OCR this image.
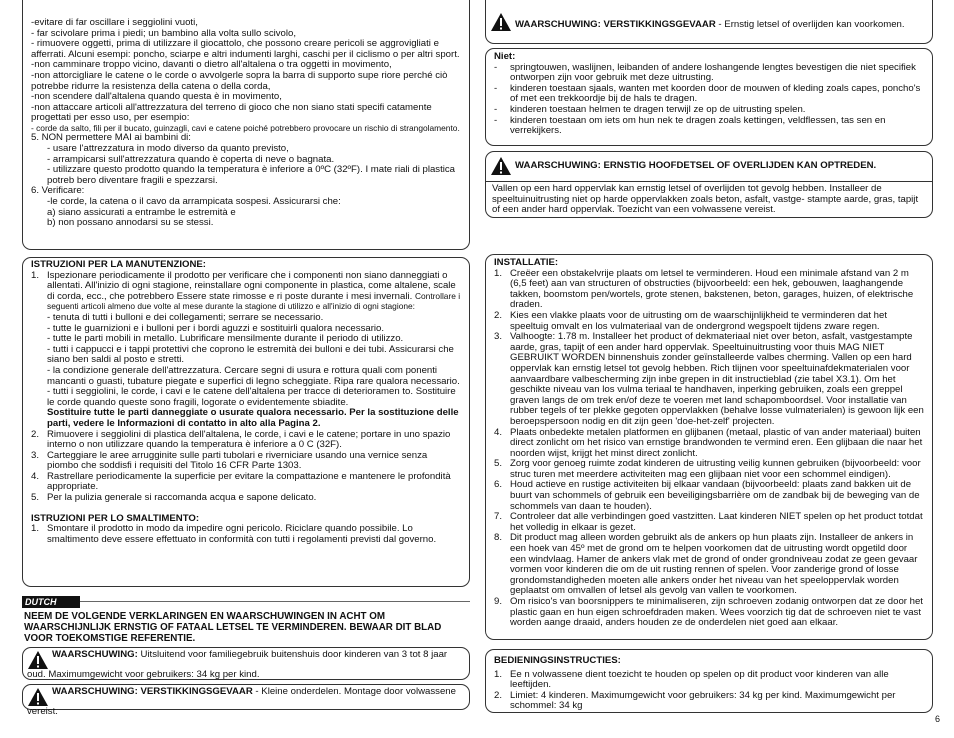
-evitare di far oscillare i seggiolini vuoti,

- far scivolare prima i piedi; un bambino alla volta sullo scivolo,

- rimuovere oggetti, prima di utilizzare il giocattolo, che possono creare pericoli se aggrovigliati e afferrati. Alcuni esempi: poncho, sciarpe e altri indumenti larghi, caschi per il ciclismo o per altri sport.

-non camminare troppo vicino, davanti o dietro all'altalena o tra oggetti in movimento,

-non attorcigliare le catene o le corde o avvolgerle sopra la barra di supporto supe riore perché ciò potrebbe ridurre la resistenza della catena o della corda,

-non scendere dall'altalena quando questa è in movimento,

-non attaccare articoli all'attrezzatura del terreno di gioco che non siano stati specifi catamente progettati per esso uso, per esempio:

- corde da salto, fili per il bucato, guinzagli, cavi e catene poiché potrebbero provocare un rischio di strangolamento.

5. NON permettere MAI ai bambini di:

- usare l'attrezzatura in modo diverso da quanto previsto,

- arrampicarsi sull'attrezzatura quando è coperta di neve o bagnata.

- utilizzare questo prodotto quando la temperatura è inferiore a 0ºC (32ºF). I mate riali di plastica potreb bero diventare fragili e spezzarsi.

6. Verificare:

-le corde, la catena o il cavo da arrampicata sospesi. Assicurarsi che:

a) siano assicurati a entrambe le estremità e

b) non possano annodarsi su se stessi.

ISTRUZIONI PER LA MANUTENZIONE:

1. Ispezionare periodicamente il prodotto per verificare che i componenti non siano danneggiati o allentati. All'inizio di ogni stagione, reinstallare ogni componente in plastica, come altalene, scale di corda, ecc., che potrebbero Essere state rimosse e ri poste durante i mesi invernali. Controllare i seguenti articoli almeno due volte al mese durante la stagione di utilizzo e all'inizio di ogni stagione:
- tenuta di tutti i bulloni e dei collegamenti; serrare se necessario.
- tutte le guarnizioni e i bulloni per i bordi aguzzi e sostituirli qualora necessario.
- tutte le parti mobili in metallo. Lubrificare mensilmente durante il periodo di utilizzo.
- tutti i cappucci e i tappi protettivi che coprono le estremità dei bulloni e dei tubi. Assicurarsi che siano ben saldi al posto e stretti.
- la condizione generale dell'attrezzatura. Cercare segni di usura e rottura quali com ponenti mancanti o guasti, tubature piegate e superfici di legno scheggiate. Ripa rare qualora necessario.
- tutti i seggiolini, le corde, i cavi e le catene dell'altalena per tracce di deterioramen to. Sostituire le corde quando queste sono fragili, logorate o evidentemente sbiadite.
Sostituire tutte le parti danneggiate o usurate qualora necessario. Per la sostituzione delle parti, vedere le Informazioni di contatto in alto alla Pagina 2.
2. Rimuovere i seggiolini di plastica dell'altalena, le corde, i cavi e le catene; portare in uno spazio interno o non utilizzare quando la temperatura è inferiore a 0 C (32F).
3. Carteggiare le aree arrugginite sulle parti tubolari e riverniciare usando una vernice senza piombo che soddisfi i requisiti del Titolo 16 CFR Parte 1303.
4. Rastrellare periodicamente la superficie per evitare la compattazione e mantenere le profondità appropriate.
5. Per la pulizia generale si raccomanda acqua e sapone delicato.

ISTRUZIONI PER LO SMALTIMENTO:

1. Smontare il prodotto in modo da impedire ogni pericolo. Riciclare quando possibile. Lo smaltimento deve essere effettuato in conformità con tutti i regolamenti previsti dal governo.
DUTCH
NEEM DE VOLGENDE VERKLARINGEN EN WAARSCHUWINGEN IN ACHT OM WAARSCHIJNLIJK ERNSTIG OF FATAAL LETSEL TE VERMINDEREN. BEWAAR DIT BLAD VOOR TOEKOMSTIGE REFERENTIE.
WAARSCHUWING: Uitsluitend voor familiegebruik buitenshuis door kinderen van 3 tot 8 jaar oud. Maximumgewicht voor gebruikers: 34 kg per kind.
WAARSCHUWING: VERSTIKKINGSGEVAAR - Kleine onderdelen. Montage door volwassene vereist.
WAARSCHUWING: VERSTIKKINGSGEVAAR - Ernstig letsel of overlijden kan voorkomen.

Niet:

- springtouwen, waslijnen, leibanden of andere loshangende lengtes bevestigen die niet specifiek ontworpen zijn voor gebruik met deze uitrusting.
- kinderen toestaan sjaals, wanten met koorden door de mouwen of kleding zoals capes, poncho's of met een trekkoordje bij de hals te dragen.
- kinderen toestaan helmen te dragen terwijl ze op de uitrusting spelen.
- kinderen toestaan om iets om hun nek te dragen zoals kettingen, veldflessen, tas sen en verrekijkers.
WAARSCHUWING: ERNSTIG HOOFDETSEL OF OVERLIJDEN KAN OPTREDEN.
Vallen op een hard oppervlak kan ernstig letsel of overlijden tot gevolg hebben. Installeer de speeltuinuitrusting niet op harde oppervlakken zoals beton, asfalt, vastge- stampte aarde, gras, tapijt of een ander hard oppervlak. Toezicht van een volwassene vereist.

INSTALLATIE:

1. Creëer een obstakelvrije plaats om letsel te verminderen. Houd een minimale afstand van 2 m (6,5 feet) aan van structuren of obstructies (bijvoorbeeld: een hek, gebouwen, laaghangende takken, boomstom pen/wortels, grote stenen, bakstenen, beton, garages, huizen, of elektrische draden.
2. Kies een vlakke plaats voor de uitrusting om de waarschijnlijkheid te verminderen dat het speeltuig omvalt en los vulmateriaal van de ondergrond wegspoelt tijdens zware regen.
3. Valhoogte: 1.78 m. Installeer het product of dekmateriaal niet over beton, asfalt, vastgestampte aarde, gras, tapijt of een ander hard oppervlak. Speeltuinuitrusting voor thuis MAG NIET GEBRUIKT WORDEN binnenshuis zonder geïnstalleerde valbes cherming. Vallen op een hard oppervlak kan ernstig letsel tot gevolg hebben. Rich tlijnen voor speeltuinafdekmaterialen voor aanvaardbare valbescherming zijn inbe grepen in dit instructieblad (zie tabel X3.1). Om het geschikte niveau van los vulma teriaal te handhaven, inperking gebruiken, zoals een greppel graven langs de om trek en/of deze te voeren met land schapomboordsel. Voor installatie van rubber tegels of ter plekke gegoten oppervlakken (behalve losse vulmaterialen) is gewoon lijk een beroepspersoon nodig en dit zijn geen 'doe-het-zelf' projecten.
4. Plaats onbedekte metalen platformen en glijbanen (metaal, plastic of van ander materiaal) buiten direct zonlicht om het risico van ernstige brandwonden te vermind eren. Een glijbaan die naar het noorden wijst, krijgt het minst direct zonlicht.
5. Zorg voor genoeg ruimte zodat kinderen de uitrusting veilig kunnen gebruiken (bijvoorbeeld: voor struc turen met meerdere activiteiten mag een glijbaan niet voor een schommel eindigen).
6. Houd actieve en rustige activiteiten bij elkaar vandaan (bijvoorbeeld: plaats zand bakken uit de buurt van schommels of gebruik een beveiligingsbarrière om de zandbak bij de beweging van de schommels van daan te houden).
7. Controleer dat alle verbindingen goed vastzitten. Laat kinderen NIET spelen op het product totdat het volledig in elkaar is gezet.
8. Dit product mag alleen worden gebruikt als de ankers op hun plaats zijn. Installeer de ankers in een hoek van 45º met de grond om te helpen voorkomen dat de uitrusting wordt opgetild door een windvlaag. Hamer de ankers vlak met de grond of onder grondniveau zodat ze geen gevaar vormen voor kinderen die om de uit rusting rennen of spelen. Voor zanderige grond of losse grondomstandigheden moeten alle ankers onder het niveau van het speeloppervlak worden geplaatst om omvallen of letsel als gevolg van vallen te voorkomen.
9. Om risico's van boorsnippers te minimaliseren, zijn schroeven zodanig ontworpen dat ze door het plastic gaan en hun eigen schroefdraden maken. Wees voorzich tig dat de schroeven niet te vast worden aange draaid, anders houden ze de onderdelen niet goed aan elkaar.

BEDIENINGSINSTRUCTIES:

1. Ee n volwassene dient toezicht te houden op spelen op dit product voor kinderen van alle leeftijden.
2. Limiet: 4 kinderen. Maximumgewicht voor gebruikers: 34 kg per kind. Maximumgewicht per schommel: 34 kg
6
